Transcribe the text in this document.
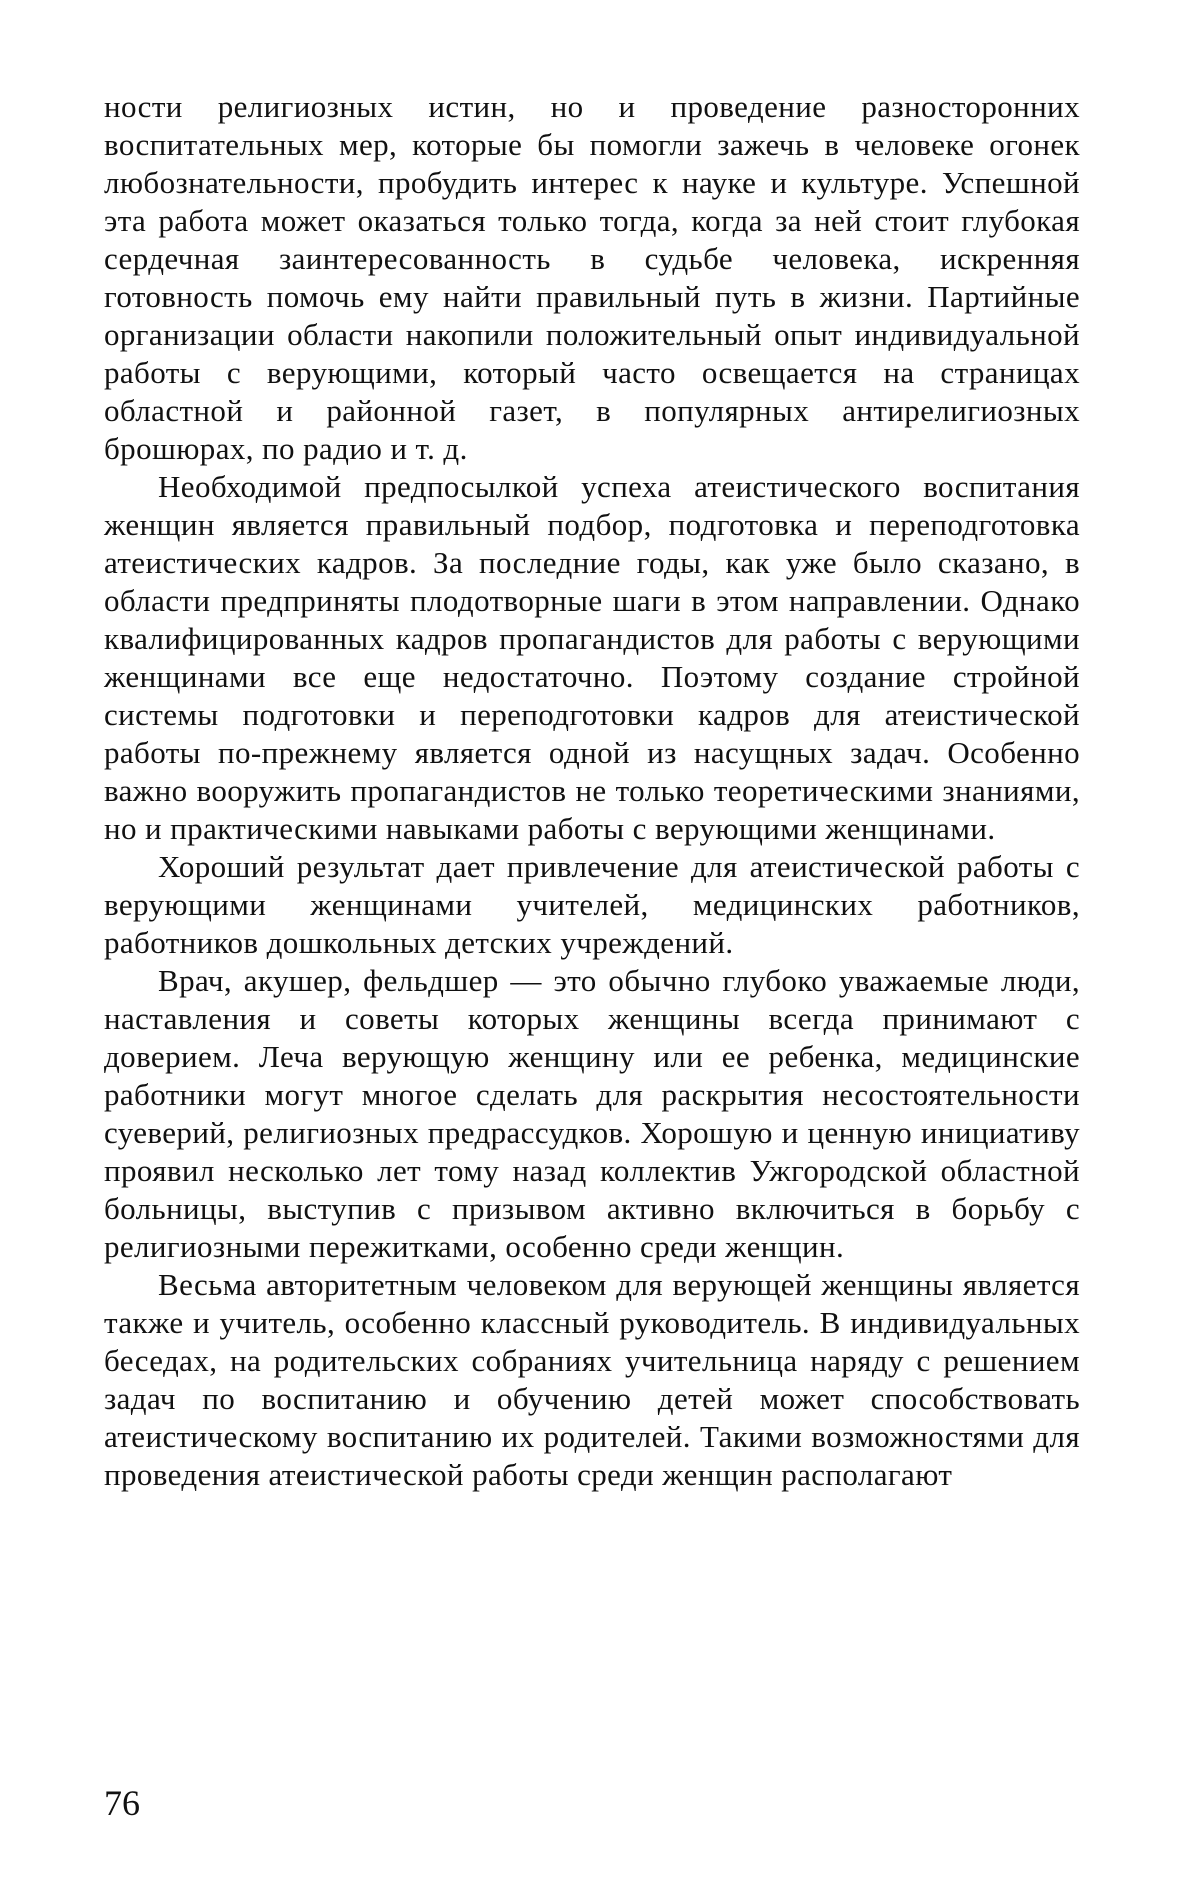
ности религиозных истин, но и проведение разносторонних воспитательных мер, которые бы помогли зажечь в человеке огонек любознательности, пробудить интерес к науке и культуре. Успешной эта работа может оказаться только тогда, когда за ней стоит глубокая сердечная заинтересованность в судьбе человека, искренняя готовность помочь ему найти правильный путь в жизни. Партийные организации области накопили положительный опыт индивидуальной работы с верующими, который часто освещается на страницах областной и районной газет, в популярных антирелигиозных брошюрах, по радио и т. д.

Необходимой предпосылкой успеха атеистического воспитания женщин является правильный подбор, подготовка и переподготовка атеистических кадров. За последние годы, как уже было сказано, в области предприняты плодотворные шаги в этом направлении. Однако квалифицированных кадров пропагандистов для работы с верующими женщинами все еще недостаточно. Поэтому создание стройной системы подготовки и переподготовки кадров для атеистической работы по-прежнему является одной из насущных задач. Особенно важно вооружить пропагандистов не только теоретическими знаниями, но и практическими навыками работы с верующими женщинами.

Хороший результат дает привлечение для атеистической работы с верующими женщинами учителей, медицинских работников, работников дошкольных детских учреждений.

Врач, акушер, фельдшер — это обычно глубоко уважаемые люди, наставления и советы которых женщины всегда принимают с доверием. Леча верующую женщину или ее ребенка, медицинские работники могут многое сделать для раскрытия несостоятельности суеверий, религиозных предрассудков. Хорошую и ценную инициативу проявил несколько лет тому назад коллектив Ужгородской областной больницы, выступив с призывом активно включиться в борьбу с религиозными пережитками, особенно среди женщин.

Весьма авторитетным человеком для верующей женщины является также и учитель, особенно классный руководитель. В индивидуальных беседах, на родительских собраниях учительница наряду с решением задач по воспитанию и обучению детей может способствовать атеистическому воспитанию их родителей. Такими возможностями для проведения атеистической работы среди женщин располагают

76
